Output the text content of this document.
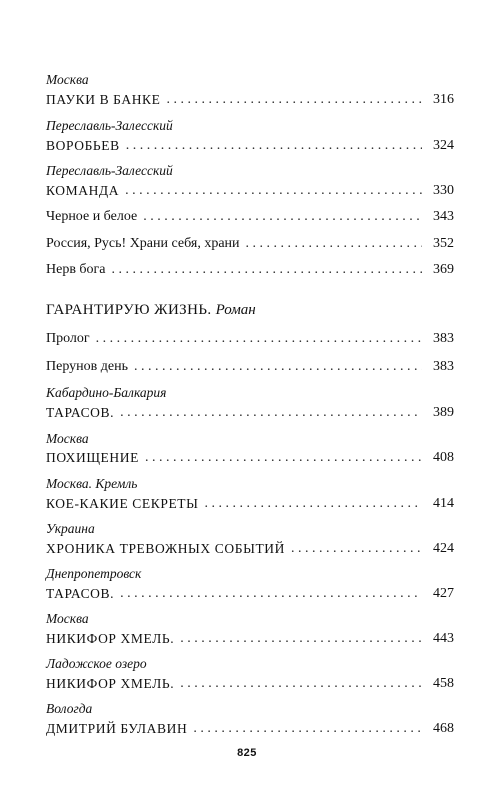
Москва
ПАУКИ В БАНКЕ . . .	316
Переславль-Залесский
ВОРОБЬЕВ . . .	324
Переславль-Залесский
КОМАНДА . . .	330
Черное и белое . . .	343
Россия, Русь! Храни себя, храни . . .	352
Нерв бога . . .	369
ГАРАНТИРУЮ ЖИЗНЬ. Роман
Пролог . . .	383
Перунов день . . .	383
Кабардино-Балкария
ТАРАСОВ. . . .	389
Москва
ПОХИЩЕНИЕ . . .	408
Москва. Кремль
КОЕ-КАКИЕ СЕКРЕТЫ . . .	414
Украина
ХРОНИКА ТРЕВОЖНЫХ СОБЫТИЙ . . .	424
Днепропетровск
ТАРАСОВ. . . .	427
Москва
НИКИФОР ХМЕЛЬ. . . .	443
Ладожское озеро
НИКИФОР ХМЕЛЬ. . . .	458
Вологда
ДМИТРИЙ БУЛАВИН . . .	468
825
